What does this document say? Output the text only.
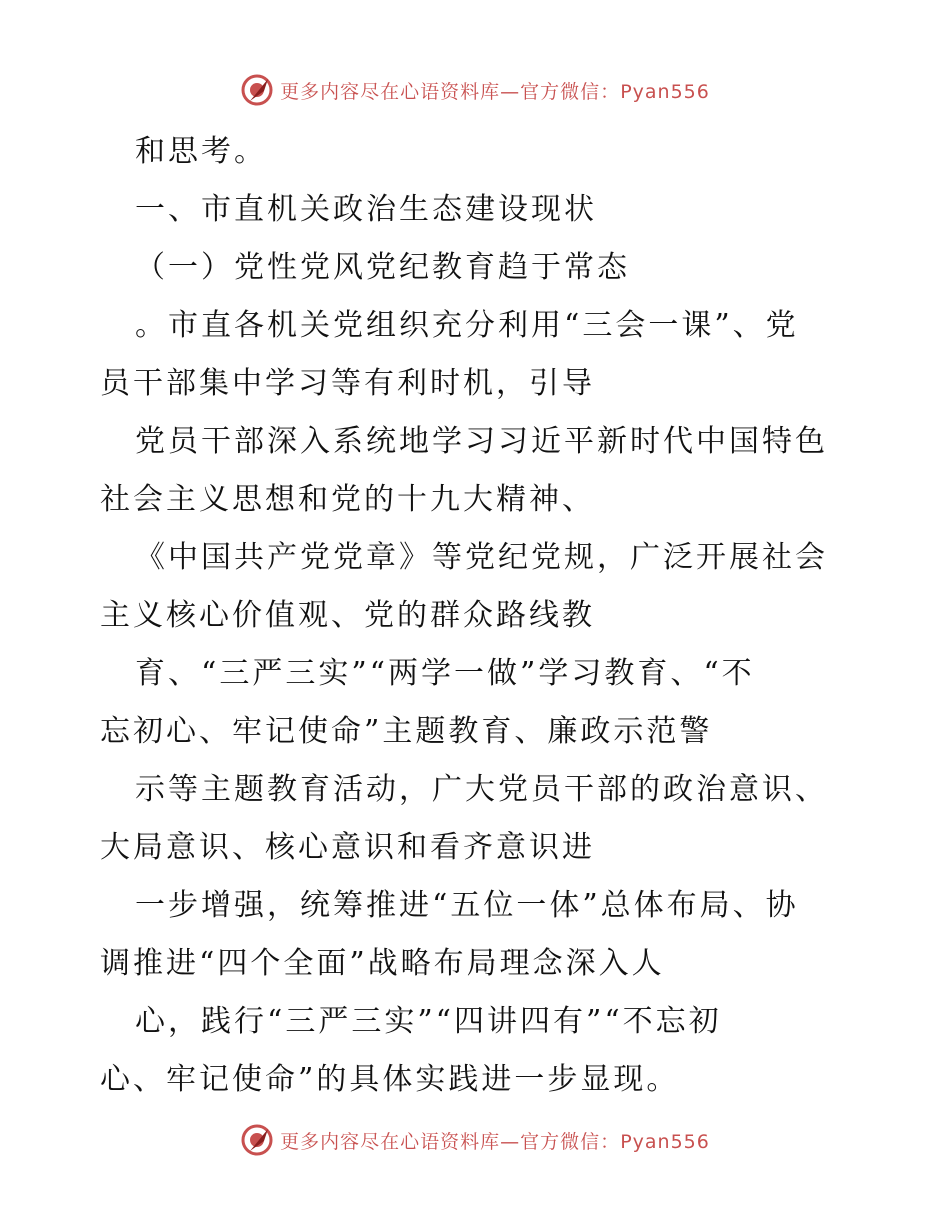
更多内容尽在心语资料库—官方微信：Pyan556
和思考。
一、市直机关政治生态建设现状
（一）党性党风党纪教育趋于常态
。市直各机关党组织充分利用“三会一课”、党
员干部集中学习等有利时机，引导
党员干部深入系统地学习习近平新时代中国特色
社会主义思想和党的十九大精神、
《中国共产党党章》等党纪党规，广泛开展社会
主义核心价值观、党的群众路线教
育、“三严三实”“两学一做”学习教育、“不
忘初心、牢记使命”主题教育、廉政示范警
示等主题教育活动，广大党员干部的政治意识、
大局意识、核心意识和看齐意识进
一步增强，统筹推进“五位一体”总体布局、协
调推进“四个全面”战略布局理念深入人
心，践行“三严三实”“四讲四有”“不忘初
心、牢记使命”的具体实践进一步显现。
更多内容尽在心语资料库—官方微信：Pyan556
